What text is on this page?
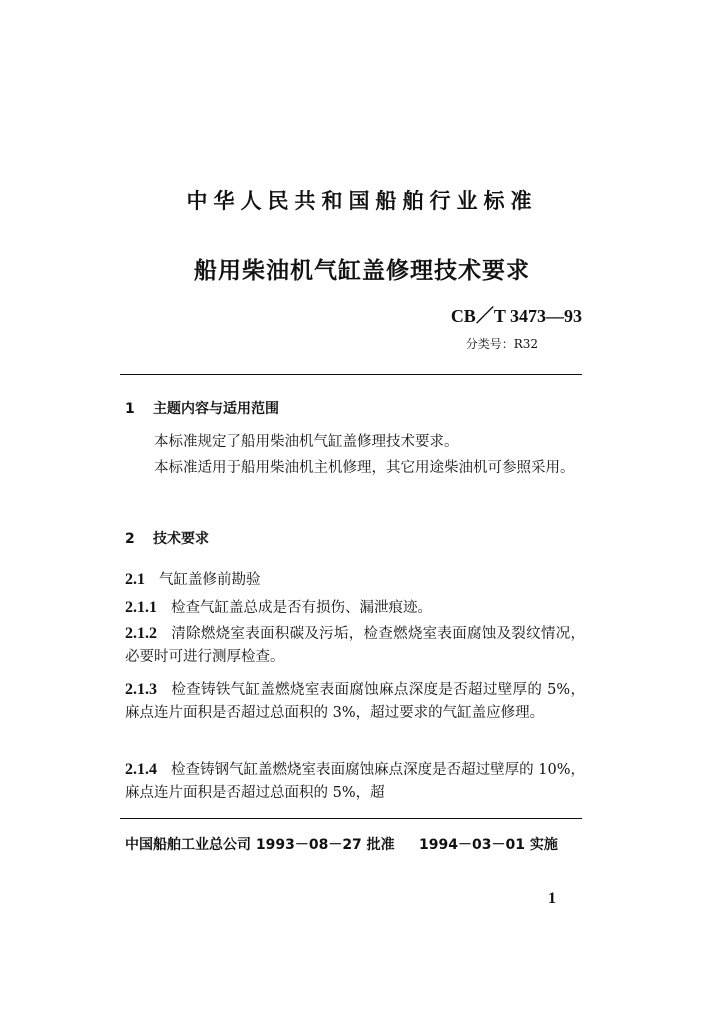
中华人民共和国船舶行业标准
船用柴油机气缸盖修理技术要求
CB／T 3473—93
分类号：R32
1 主题内容与适用范围
本标准规定了船用柴油机气缸盖修理技术要求。
本标准适用于船用柴油机主机修理，其它用途柴油机可参照采用。
2 技术要求
2.1 气缸盖修前勘验
2.1.1 检查气缸盖总成是否有损伤、漏泄痕迹。
2.1.2 清除燃烧室表面积碳及污垢，检查燃烧室表面腐蚀及裂纹情况，必要时可进行测厚检查。
2.1.3 检查铸铁气缸盖燃烧室表面腐蚀麻点深度是否超过壁厚的 5%，麻点连片面积是否超过总面积的 3%，超过要求的气缸盖应修理。
2.1.4 检查铸钢气缸盖燃烧室表面腐蚀麻点深度是否超过壁厚的 10%，麻点连片面积是否超过总面积的 5%，超
中国船舶工业总公司 1993－08－27 批准     1994－03－01 实施
1
